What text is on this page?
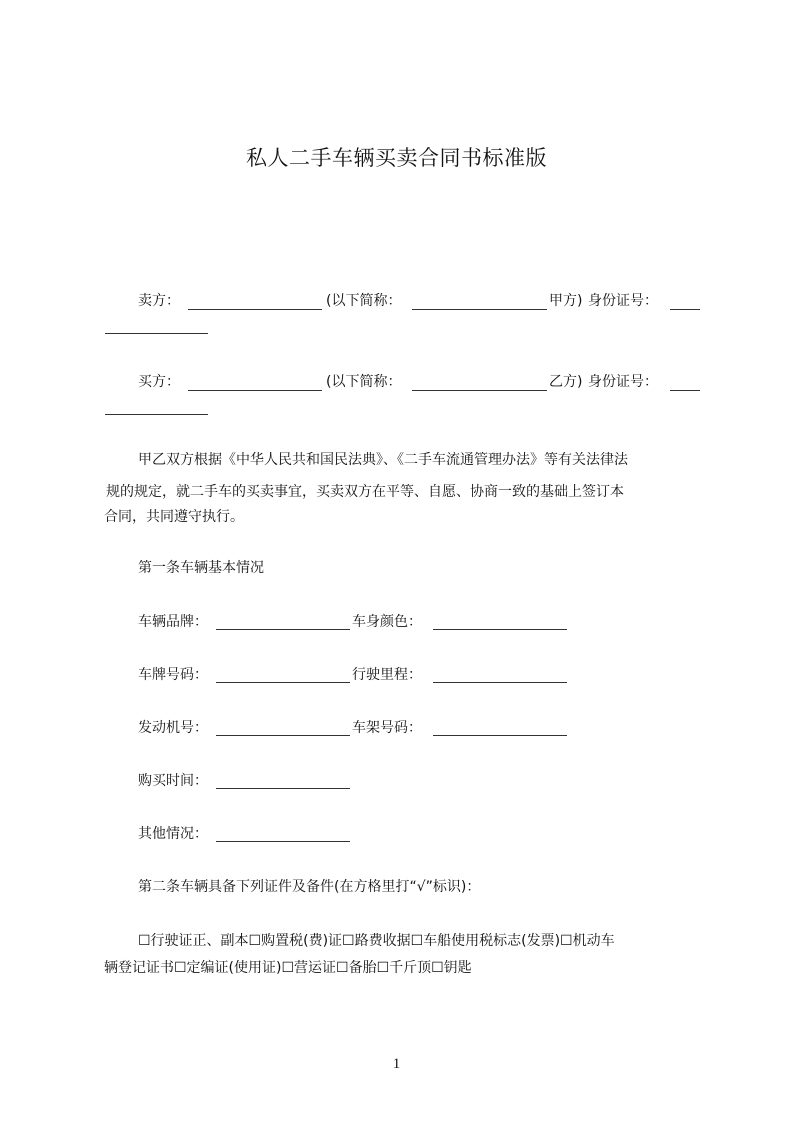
私人二手车辆买卖合同书标准版
卖方：	(以下简称：	甲方) 身份证号：
买方：	(以下简称：	乙方) 身份证号：
甲乙双方根据《中华人民共和国民法典》、《二手车流通管理办法》等有关法律法
规的规定，就二手车的买卖事宜，买卖双方在平等、自愿、协商一致的基础上签订本
合同，共同遵守执行。
第一条车辆基本情况
车辆品牌：	车身颜色：
车牌号码：	行驶里程：
发动机号：	车架号码：
购买时间：
其他情况：
第二条车辆具备下列证件及备件(在方格里打“√”标识)：
☐行驶证正、副本☐购置税(费)证☐路费收据☐车船使用税标志(发票)☐机动车
辆登记证书☐定编证(使用证)☐营运证☐备胎☐千斤顶☐钥匙
1
